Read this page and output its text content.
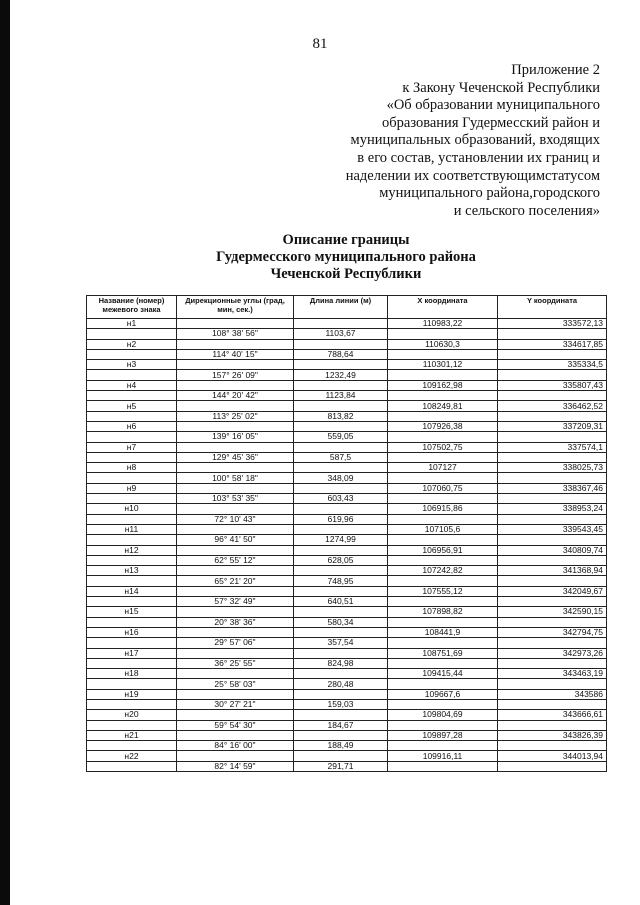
81
Приложение 2
к Закону Чеченской Республики
«Об образовании муниципального
образования Гудермесский район и
муниципальных образований, входящих
в его состав, установлении их границ и
наделении их соответствующимстатусом
муниципального района,городского
и сельского поселения»
Описание границы
Гудермесского муниципального района
Чеченской Республики
Название (номер) межевого знака	Дирекционные углы (град, мин, сек.)	Длина линии (м)	X координата	Y координата
н1			110983,22	333572,13
	108° 38' 56"	1103,67		
н2			110630,3	334617,85
	114° 40' 15"	788,64		
н3			110301,12	335334,5
	157° 26' 09"	1232,49		
н4			109162,98	335807,43
	144° 20' 42"	1123,84		
н5			108249,81	336462,52
	113° 25' 02"	813,82		
н6			107926,38	337209,31
	139° 16' 05"	559,05		
н7			107502,75	337574,1
	129° 45' 36"	587,5		
н8			107127	338025,73
	100° 58' 18"	348,09		
н9			107060,75	338367,46
	103° 53' 35"	603,43		
н10			106915,86	338953,24
	72° 10' 43"	619,96		
н11			107105,6	339543,45
	96° 41' 50"	1274,99		
н12			106956,91	340809,74
	62° 55' 12"	628,05		
н13			107242,82	341368,94
	65° 21' 20"	748,95		
н14			107555,12	342049,67
	57° 32' 49"	640,51		
н15			107898,82	342590,15
	20° 38' 36"	580,34		
н16			108441,9	342794,75
	29° 57' 06"	357,54		
н17			108751,69	342973,26
	36° 25' 55"	824,98		
н18			109415,44	343463,19
	25° 58' 03"	280,48		
н19			109667,6	343586
	30° 27' 21"	159,03		
н20			109804,69	343666,61
	59° 54' 30"	184,67		
н21			109897,28	343826,39
	84° 16' 00"	188,49		
н22			109916,11	344013,94
	82° 14' 59"	291,71		
